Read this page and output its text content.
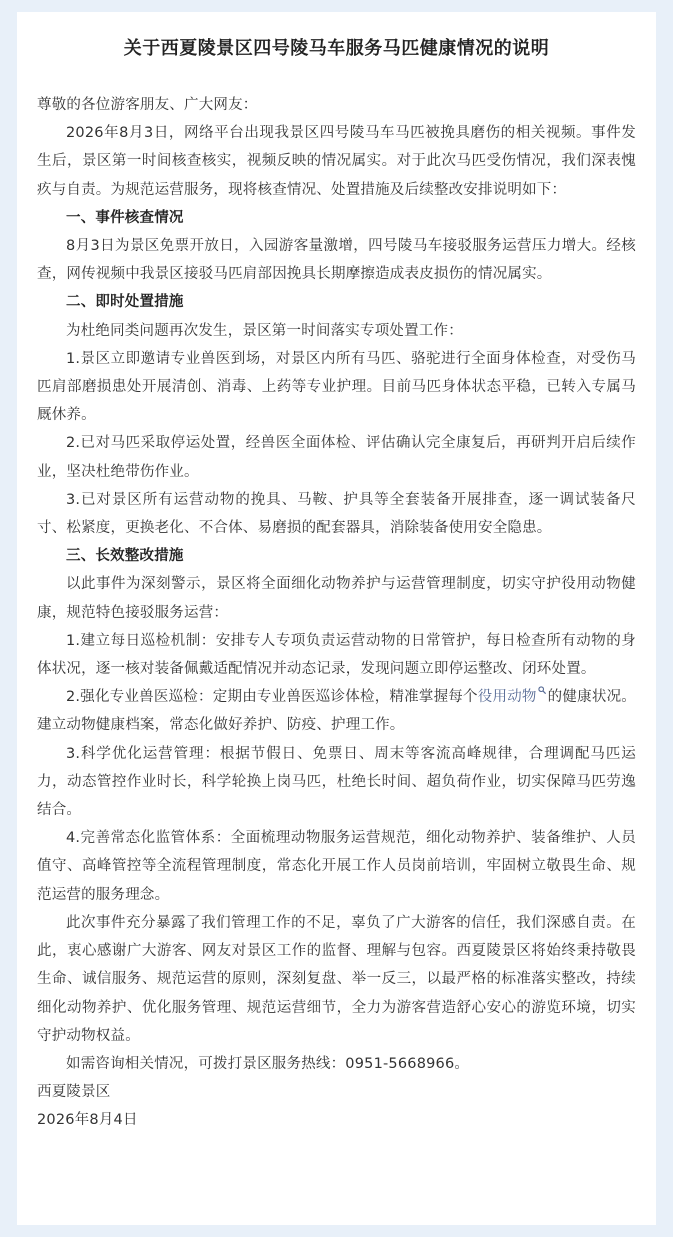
关于西夏陵景区四号陵马车服务马匹健康情况的说明

尊敬的各位游客朋友、广大网友：

2026年8月3日，网络平台出现我景区四号陵马车马匹被挽具磨伤的相关视频。事件发生后，景区第一时间核查核实，视频反映的情况属实。对于此次马匹受伤情况，我们深表愧疚与自责。为规范运营服务，现将核查情况、处置措施及后续整改安排说明如下：

一、事件核查情况

8月3日为景区免票开放日，入园游客量激增，四号陵马车接驳服务运营压力增大。经核查，网传视频中我景区接驳马匹肩部因挽具长期摩擦造成表皮损伤的情况属实。

二、即时处置措施

为杜绝同类问题再次发生，景区第一时间落实专项处置工作：

1.景区立即邀请专业兽医到场，对景区内所有马匹、骆驼进行全面身体检查，对受伤马匹肩部磨损患处开展清创、消毒、上药等专业护理。目前马匹身体状态平稳，已转入专属马厩休养。

2.已对马匹采取停运处置，经兽医全面体检、评估确认完全康复后，再研判开启后续作业，坚决杜绝带伤作业。

3.已对景区所有运营动物的挽具、马鞍、护具等全套装备开展排查，逐一调试装备尺寸、松紧度，更换老化、不合体、易磨损的配套器具，消除装备使用安全隐患。

三、长效整改措施

以此事件为深刻警示，景区将全面细化动物养护与运营管理制度，切实守护役用动物健康，规范特色接驳服务运营：

1.建立每日巡检机制：安排专人专项负责运营动物的日常管护，每日检查所有动物的身体状况，逐一核对装备佩戴适配情况并动态记录，发现问题立即停运整改、闭环处置。

2.强化专业兽医巡检：定期由专业兽医巡诊体检，精准掌握每个役用动物 的健康状况。建立动物健康档案，常态化做好养护、防疫、护理工作。

3.科学优化运营管理：根据节假日、免票日、周末等客流高峰规律，合理调配马匹运力，动态管控作业时长，科学轮换上岗马匹，杜绝长时间、超负荷作业，切实保障马匹劳逸结合。

4.完善常态化监管体系：全面梳理动物服务运营规范，细化动物养护、装备维护、人员值守、高峰管控等全流程管理制度，常态化开展工作人员岗前培训，牢固树立敬畏生命、规范运营的服务理念。

此次事件充分暴露了我们管理工作的不足，辜负了广大游客的信任，我们深感自责。在此，衷心感谢广大游客、网友对景区工作的监督、理解与包容。西夏陵景区将始终秉持敬畏生命、诚信服务、规范运营的原则，深刻复盘、举一反三，以最严格的标准落实整改，持续细化动物养护、优化服务管理、规范运营细节，全力为游客营造舒心安心的游览环境，切实守护动物权益。

如需咨询相关情况，可拨打景区服务热线：0951-5668966。

西夏陵景区

2026年8月4日
